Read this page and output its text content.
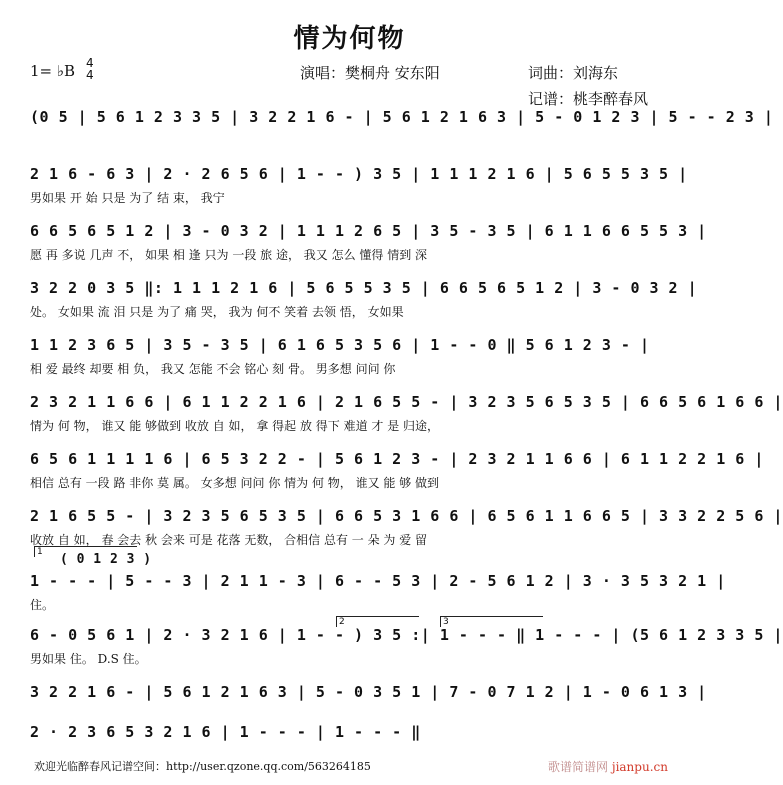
情为何物
1= ♭B 4
4	演唱：樊桐舟 安东阳	词曲：刘海东
记谱：桃李醉春风
(0 5 | 5 6 1 2 3 3 5 | 3 2 2 1 6 - | 5 6 1 2 1 6 3 | 5 - 0 1 2 3 | 5 - - 2 3 |
2 1 6 - 6 3 | 2 · 2 6 5 6 | 1 - - ) 3 5 | 1 1 1 2 1 6 | 5 6 5 5 3 5 |
男如果 开 始 只是 为了 结 束， 我宁
6 6 5 6 5 1 2 | 3 - 0 3 2 | 1 1 1 2 6 5 | 3 5 - 3 5 | 6 1 1 6 6 5 5 3 |
愿 再 多说 几声 不， 如果 相 逢 只为 一段 旅 途， 我又 怎么 懂得 情到 深
3 2 2 0 3 5 ‖: 1 1 1 2 1 6 | 5 6 5 5 3 5 | 6 6 5 6 5 1 2 | 3 - 0 3 2 |
处。 女如果 流 泪 只是 为了 痛 哭， 我为 何不 笑着 去领 悟， 女如果
1 1 2 3 6 5 | 3 5 - 3 5 | 6 1 6 5 3 5 6 | 1 - - 0 ‖ 5 6 1 2 3 - |
相 爱 最终 却要 相 负， 我又 怎能 不会 铭心 刻 骨。 男多想 问问 你
2 3 2 1 1 6 6 | 6 1 1 2 2 1 6 | 2 1 6 5 5 - | 3 2 3 5 6 5 3 5 | 6 6 5 6 1 6 6 |
情为 何 物， 谁又 能 够做到 收放 自 如， 拿 得起 放 得下 难道 才 是 归途，
6 5 6 1 1 1 1 6 | 6 5 3 2 2 - | 5 6 1 2 3 - | 2 3 2 1 1 6 6 | 6 1 1 2 2 1 6 |
相信 总有 一段 路 非你 莫 属。 女多想 问问 你 情为 何 物， 谁又 能 够 做到
2 1 6 5 5 - | 3 2 3 5 6 5 3 5 | 6 6 5 3 1 6 6 | 6 5 6 1 1 6 6 5 | 3 3 2 2 5 6 |
收放 自 如， 春 会去 秋 会来 可是 花落 无数， 合相信 总有 一 朵 为 爱 留
( 0 1 2 3 )
1
1 - - - | 5 - - 3 | 2 1 1 - 3 | 6 - - 5 3 | 2 - 5 6 1 2 | 3 · 3 5 3 2 1 |
住。
2	3
6 - 0 5 6 1 | 2 · 3 2 1 6 | 1 - - ) 3 5 :| 1 - - - ‖ 1 - - - | (5 6 1 2 3 3 5 |
男如果 住。 D.S 住。
3 2 2 1 6 - | 5 6 1 2 1 6 3 | 5 - 0 3 5 1 | 7 - 0 7 1 2 | 1 - 0 6 1 3 |
2 · 2 3 6 5 3 2 1 6 | 1 - - - | 1 - - - ‖
欢迎光临醉春风记谱空间：http://user.qzone.qq.com/563264185	歌谱简谱网 jianpu.cn
